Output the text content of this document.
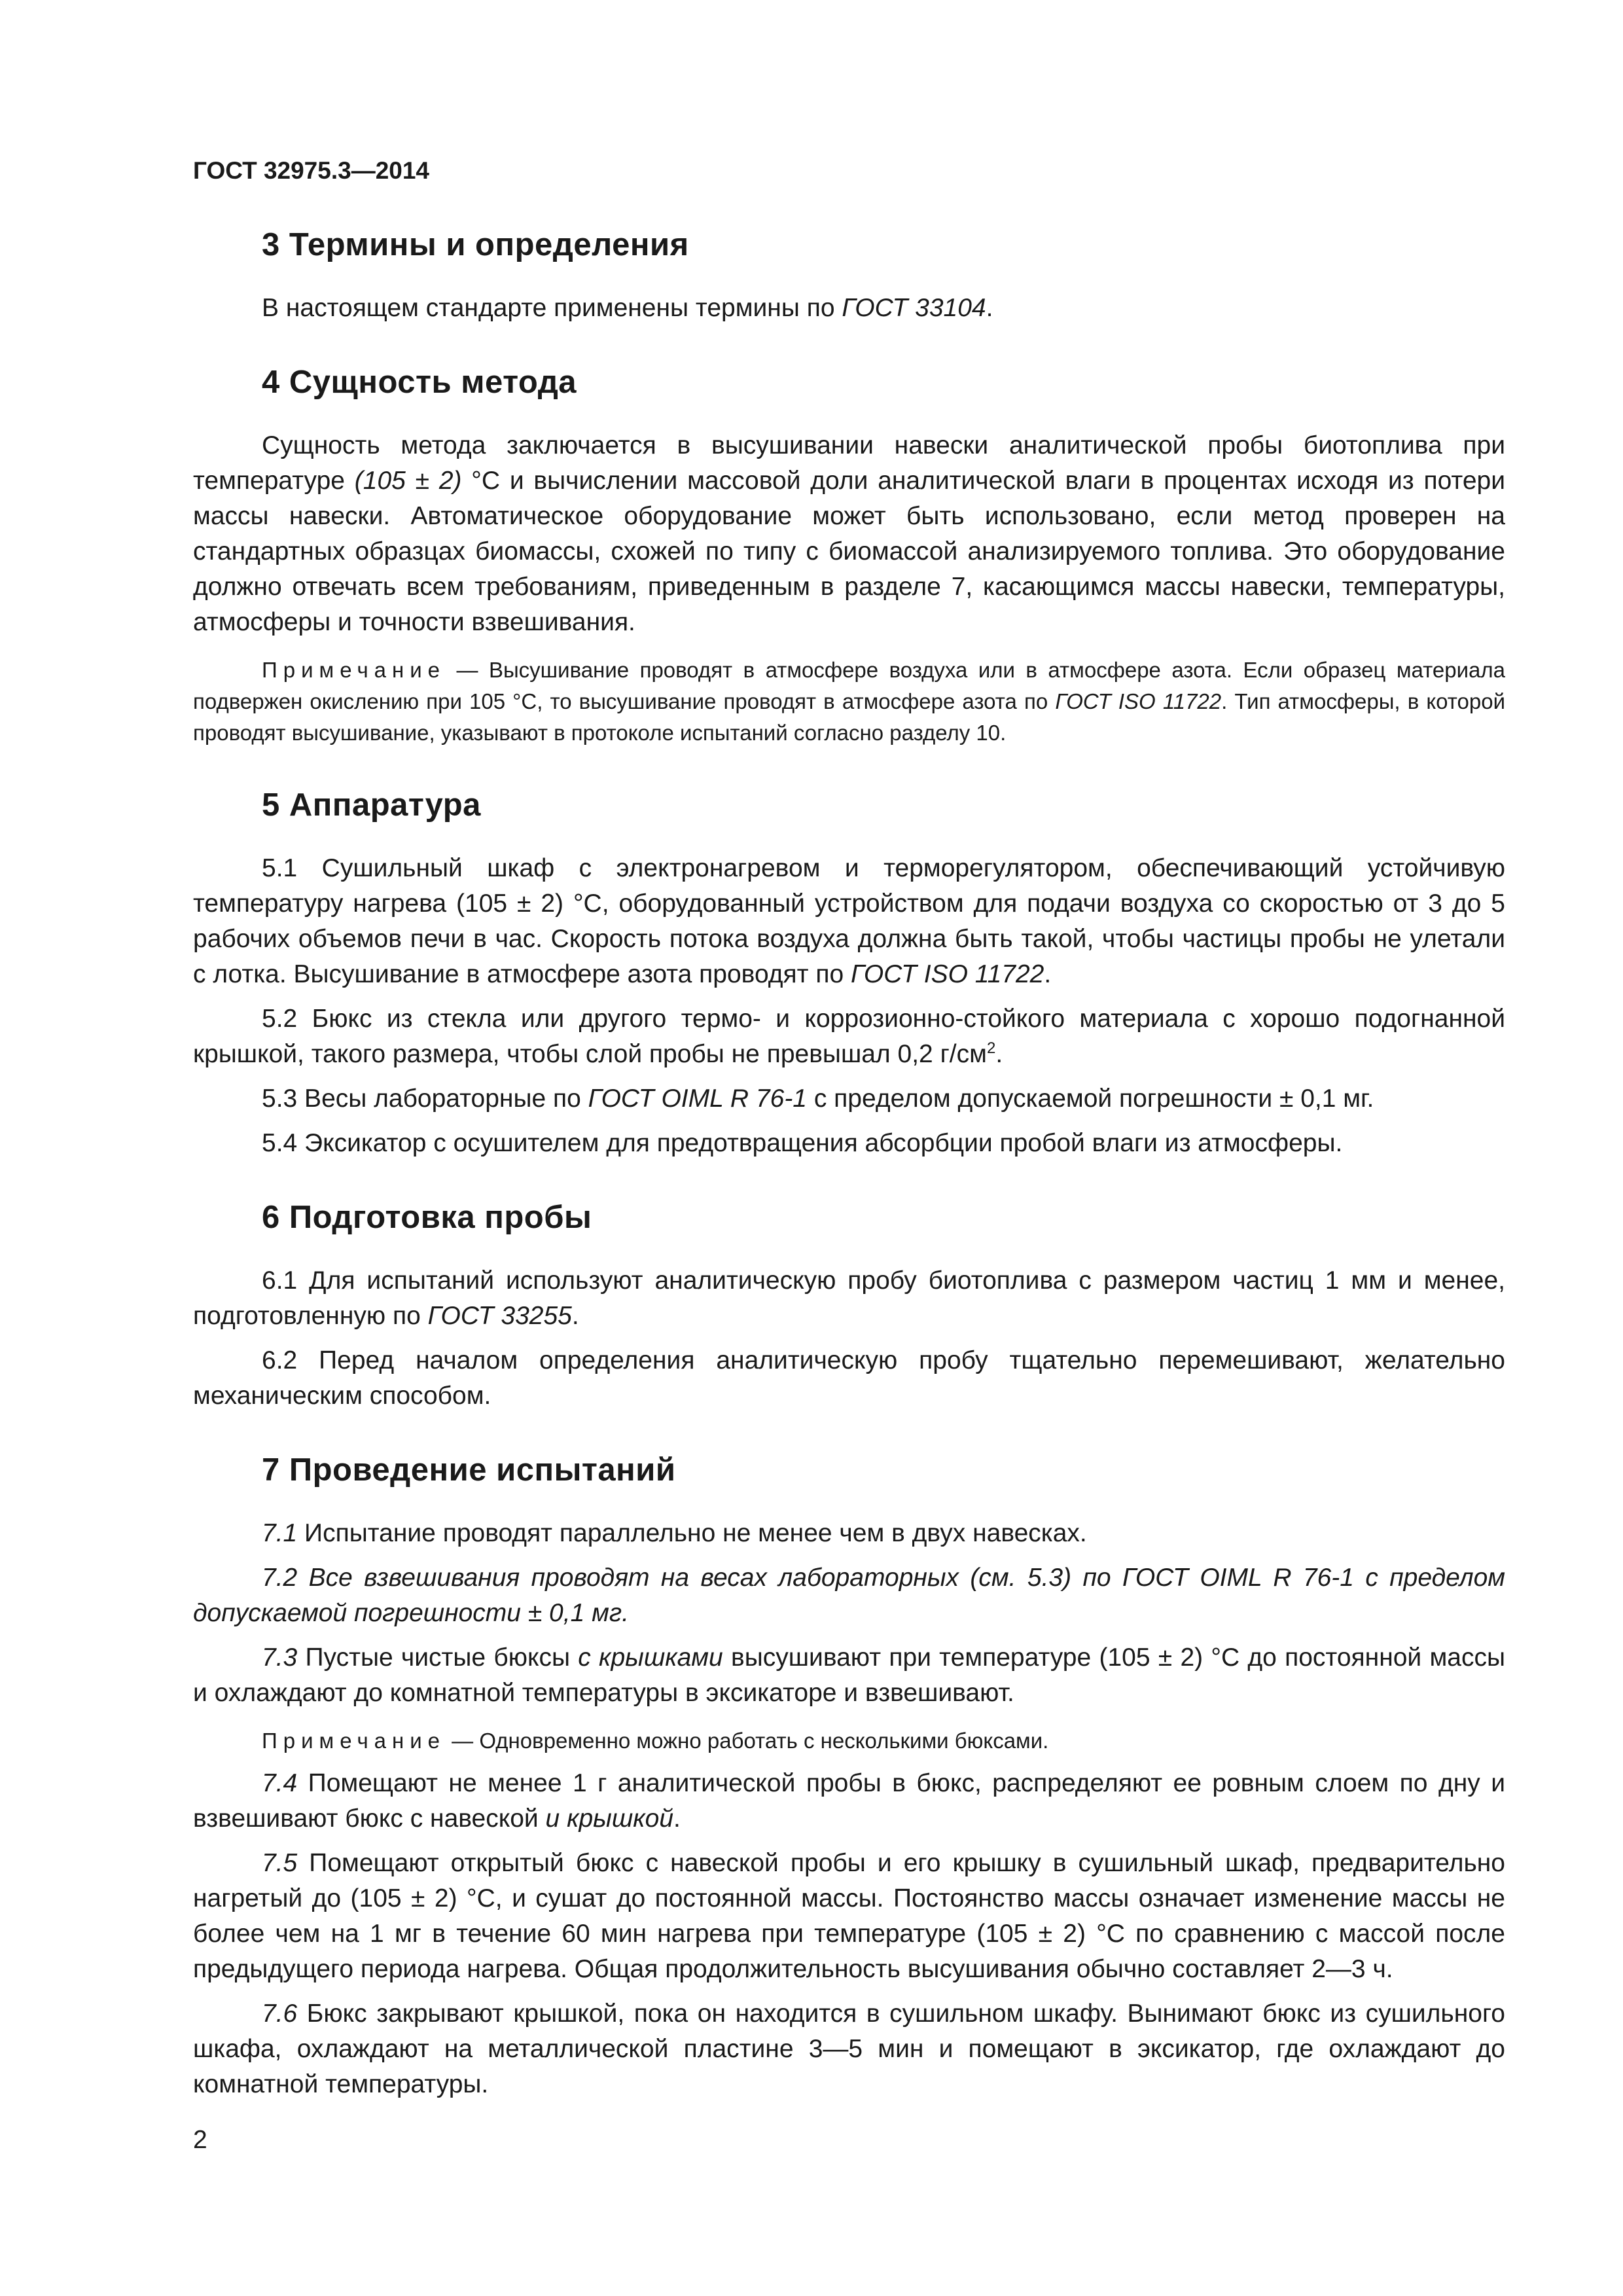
ГОСТ 32975.3—2014
3 Термины и определения

В настоящем стандарте применены термины по ГОСТ 33104.

4 Сущность метода

Сущность метода заключается в высушивании навески аналитической пробы биотоплива при температуре (105 ± 2) °С и вычислении массовой доли аналитической влаги в процентах исходя из потери массы навески. Автоматическое оборудование может быть использовано, если метод проверен на стандартных образцах биомассы, схожей по типу с биомассой анализируемого топлива. Это оборудование должно отвечать всем требованиям, приведенным в разделе 7, касающимся массы навески, температуры, атмосферы и точности взвешивания.

Примечание — Высушивание проводят в атмосфере воздуха или в атмосфере азота. Если образец материала подвержен окислению при 105 °С, то высушивание проводят в атмосфере азота по ГОСТ ISO 11722. Тип атмосферы, в которой проводят высушивание, указывают в протоколе испытаний согласно разделу 10.

5 Аппаратура

5.1 Сушильный шкаф с электронагревом и терморегулятором, обеспечивающий устойчивую температуру нагрева (105 ± 2) °С, оборудованный устройством для подачи воздуха со скоростью от 3 до 5 рабочих объемов печи в час. Скорость потока воздуха должна быть такой, чтобы частицы пробы не улетали с лотка. Высушивание в атмосфере азота проводят по ГОСТ ISO 11722.

5.2 Бюкс из стекла или другого термо- и коррозионно-стойкого материала с хорошо подогнанной крышкой, такого размера, чтобы слой пробы не превышал 0,2 $г/см^2$.

5.3 Весы лабораторные по ГОСТ OIML R 76-1 с пределом допускаемой погрешности ± 0,1 мг.

5.4 Эксикатор с осушителем для предотвращения абсорбции пробой влаги из атмосферы.

6 Подготовка пробы

6.1 Для испытаний используют аналитическую пробу биотоплива с размером частиц 1 мм и менее, подготовленную по ГОСТ 33255.

6.2 Перед началом определения аналитическую пробу тщательно перемешивают, желательно механическим способом.

7 Проведение испытаний

7.1 Испытание проводят параллельно не менее чем в двух навесках.

7.2 Все взвешивания проводят на весах лабораторных (см. 5.3) по ГОСТ OIML R 76-1 с пределом допускаемой погрешности ± 0,1 мг.

7.3 Пустые чистые бюксы с крышками высушивают при температуре (105 ± 2) °С до постоянной массы и охлаждают до комнатной температуры в эксикаторе и взвешивают.

Примечание — Одновременно можно работать с несколькими бюксами.

7.4 Помещают не менее 1 г аналитической пробы в бюкс, распределяют ее ровным слоем по дну и взвешивают бюкс с навеской и крышкой.

7.5 Помещают открытый бюкс с навеской пробы и его крышку в сушильный шкаф, предварительно нагретый до (105 ± 2) °С, и сушат до постоянной массы. Постоянство массы означает изменение массы не более чем на 1 мг в течение 60 мин нагрева при температуре (105 ± 2) °С по сравнению с массой после предыдущего периода нагрева. Общая продолжительность высушивания обычно составляет 2—3 ч.

7.6 Бюкс закрывают крышкой, пока он находится в сушильном шкафу. Вынимают бюкс из сушильного шкафа, охлаждают на металлической пластине 3—5 мин и помещают в эксикатор, где охлаждают до комнатной температуры.

2
